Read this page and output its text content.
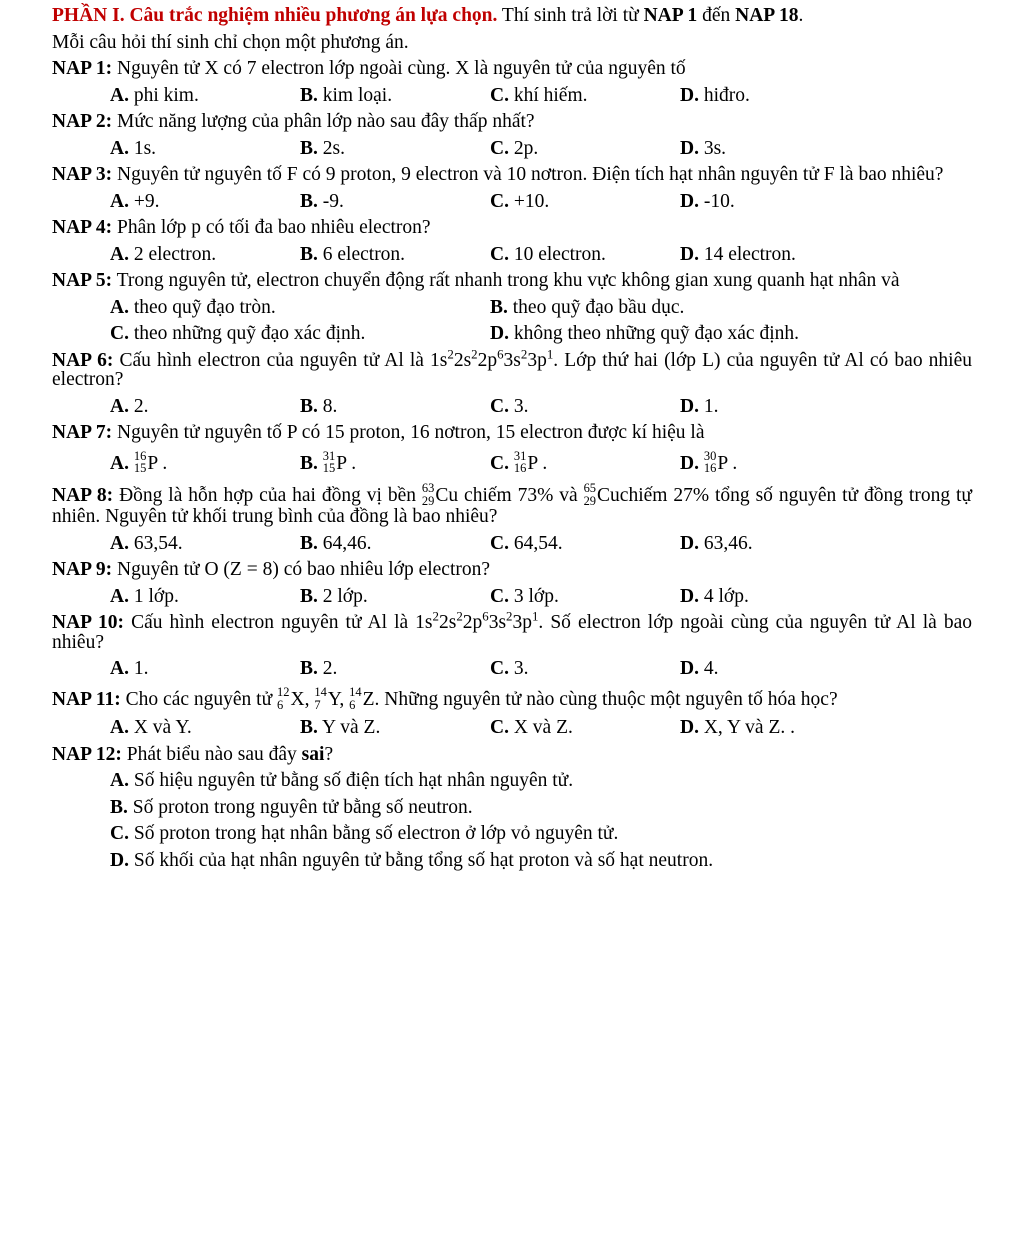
PHẦN I. Câu trắc nghiệm nhiều phương án lựa chọn. Thí sinh trả lời từ NAP 1 đến NAP 18.
Mỗi câu hỏi thí sinh chỉ chọn một phương án.
NAP 1: Nguyên tử X có 7 electron lớp ngoài cùng. X là nguyên tử của nguyên tố
A. phi kim.	B. kim loại.	C. khí hiếm.	D. hiđro.
NAP 2: Mức năng lượng của phân lớp nào sau đây thấp nhất?
A. 1s.	B. 2s.	C. 2p.	D. 3s.
NAP 3: Nguyên tử nguyên tố F có 9 proton, 9 electron và 10 nơtron. Điện tích hạt nhân nguyên tử F là bao nhiêu?
A. +9.	B. -9.	C. +10.	D. -10.
NAP 4: Phân lớp p có tối đa bao nhiêu electron?
A. 2 electron.	B. 6 electron.	C. 10 electron.	D. 14 electron.
NAP 5: Trong nguyên tử, electron chuyển động rất nhanh trong khu vực không gian xung quanh hạt nhân và
A. theo quỹ đạo tròn.	B. theo quỹ đạo bầu dục.
C. theo những quỹ đạo xác định.	D. không theo những quỹ đạo xác định.
NAP 6: Cấu hình electron của nguyên tử Al là $1s^22s^22p^63s^23p^1$. Lớp thứ hai (lớp L) của nguyên tử Al có bao nhiêu electron?
A. 2.	B. 8.	C. 3.	D. 1.
NAP 7: Nguyên tử nguyên tố P có 15 proton, 16 nơtron, 15 electron được kí hiệu là
A. 16
15 P .	B. 31
15 P .	C. 31
16 P .	D. 30
16 P .
NAP 8: Đồng là hỗn hợp của hai đồng vị bền 63
29 Cu chiếm 73% và 65
29 Cuchiếm 27% tổng số nguyên tử đồng trong tự nhiên. Nguyên tử khối trung bình của đồng là bao nhiêu?
A. 63,54.	B. 64,46.	C. 64,54.	D. 63,46.
NAP 9: Nguyên tử O (Z = 8) có bao nhiêu lớp electron?
A. 1 lớp.	B. 2 lớp.	C. 3 lớp.	D. 4 lớp.
NAP 10: Cấu hình electron nguyên tử Al là $1s^22s^22p^63s^23p^1$. Số electron lớp ngoài cùng của nguyên tử Al là bao nhiêu?
A. 1.	B. 2.	C. 3.	D. 4.
NAP 11: Cho các nguyên tử 12
6 X, 14
7 Y, 14
6 Z. Những nguyên tử nào cùng thuộc một nguyên tố hóa học?
A. X và Y.	B. Y và Z.	C. X và Z.	D. X, Y và Z. .
NAP 12: Phát biểu nào sau đây sai?
A. Số hiệu nguyên tử bằng số điện tích hạt nhân nguyên tử.
B. Số proton trong nguyên tử bằng số neutron.
C. Số proton trong hạt nhân bằng số electron ở lớp vỏ nguyên tử.
D. Số khối của hạt nhân nguyên tử bằng tổng số hạt proton và số hạt neutron.
